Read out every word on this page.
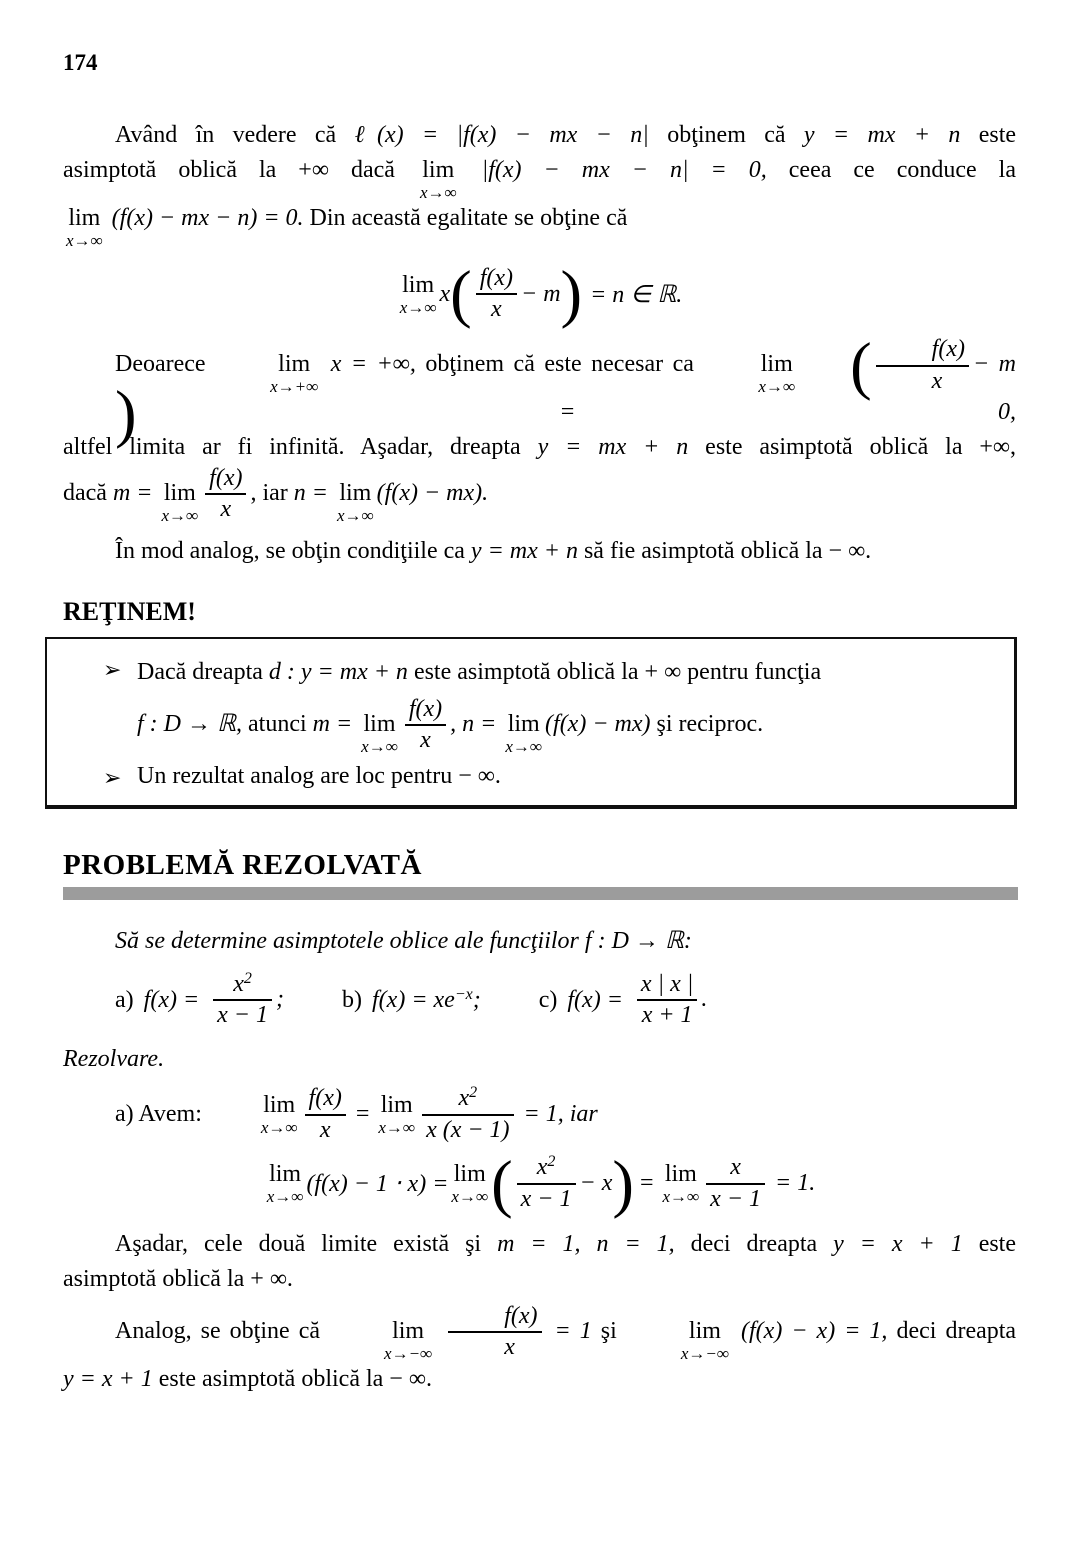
174
Având în vedere că ℓ(x) = |f(x) − mx − n| obţinem că y = mx + n este
asimptotă oblică la +∞ dacă lim
x→∞
|f(x) − mx − n| = 0, ceea ce conduce la
lim
x→∞
(f(x) − mx − n) = 0. Din această egalitate se obţine că
lim
x→∞
x ( $\frac{f(x)}{x} - m$ ) = n ∈ ℝ.
Deoarece	lim
x→+∞
x = +∞, obţinem că este necesar ca	lim
x→∞ ( $\frac{f(x)}{x} - m$)	= 0,
altfel limita ar fi infinită. Aşadar, dreapta y = mx + n este asimptotă oblică la +∞,
dacă m = lim
$x\to\infty \frac{f(x)}{x}$ , iar n = lim
x→∞
(f(x) − mx).
În mod analog, se obţin condiţiile ca y = mx + n să fie asimptotă oblică la − ∞.
REŢINEM!
➢ Dacă dreapta d : y = mx + n este asimptotă oblică la + ∞ pentru funcţia
f : D → ℝ, atunci m = lim
$x\to\infty \frac{f(x)}{x}$ , n = lim
x→∞
(f(x) − mx) şi reciproc.
➢ Un rezultat analog are loc pentru − ∞.
PROBLEMĂ REZOLVATĂ
Să se determine asimptotele oblice ale funcţiilor f : D → ℝ:
a) $f(x) = \frac{x^2}{x - 1}$ ; b) $f(x) = xe^{-x}$; c) $f(x) = \frac{x | x |}{x + 1}$ .
Rezolvare.
a) Avem:	lim
$x\to\infty \frac{f(x)}{x} = \lim$
$x\to\infty \frac{x^2}{x (x - 1)} = 1$, iar
lim
x→∞ (f(x) − 1 ⋅ x) = lim
x→∞ ( $\frac{x^2}{x - 1} - x$ ) = lim
$x\to\infty \frac{x}{x - 1} = 1$.
Aşadar, cele două limite există şi m = 1, n = 1, deci dreapta y = x + 1 este
asimptotă oblică la + ∞.
Analog, se obţine că	lim
x→−∞
$\frac{f(x)}{x} = 1$ şi	lim
x→−∞
(f(x) − x) = 1, deci dreapta
y = x + 1 este asimptotă oblică la − ∞.
